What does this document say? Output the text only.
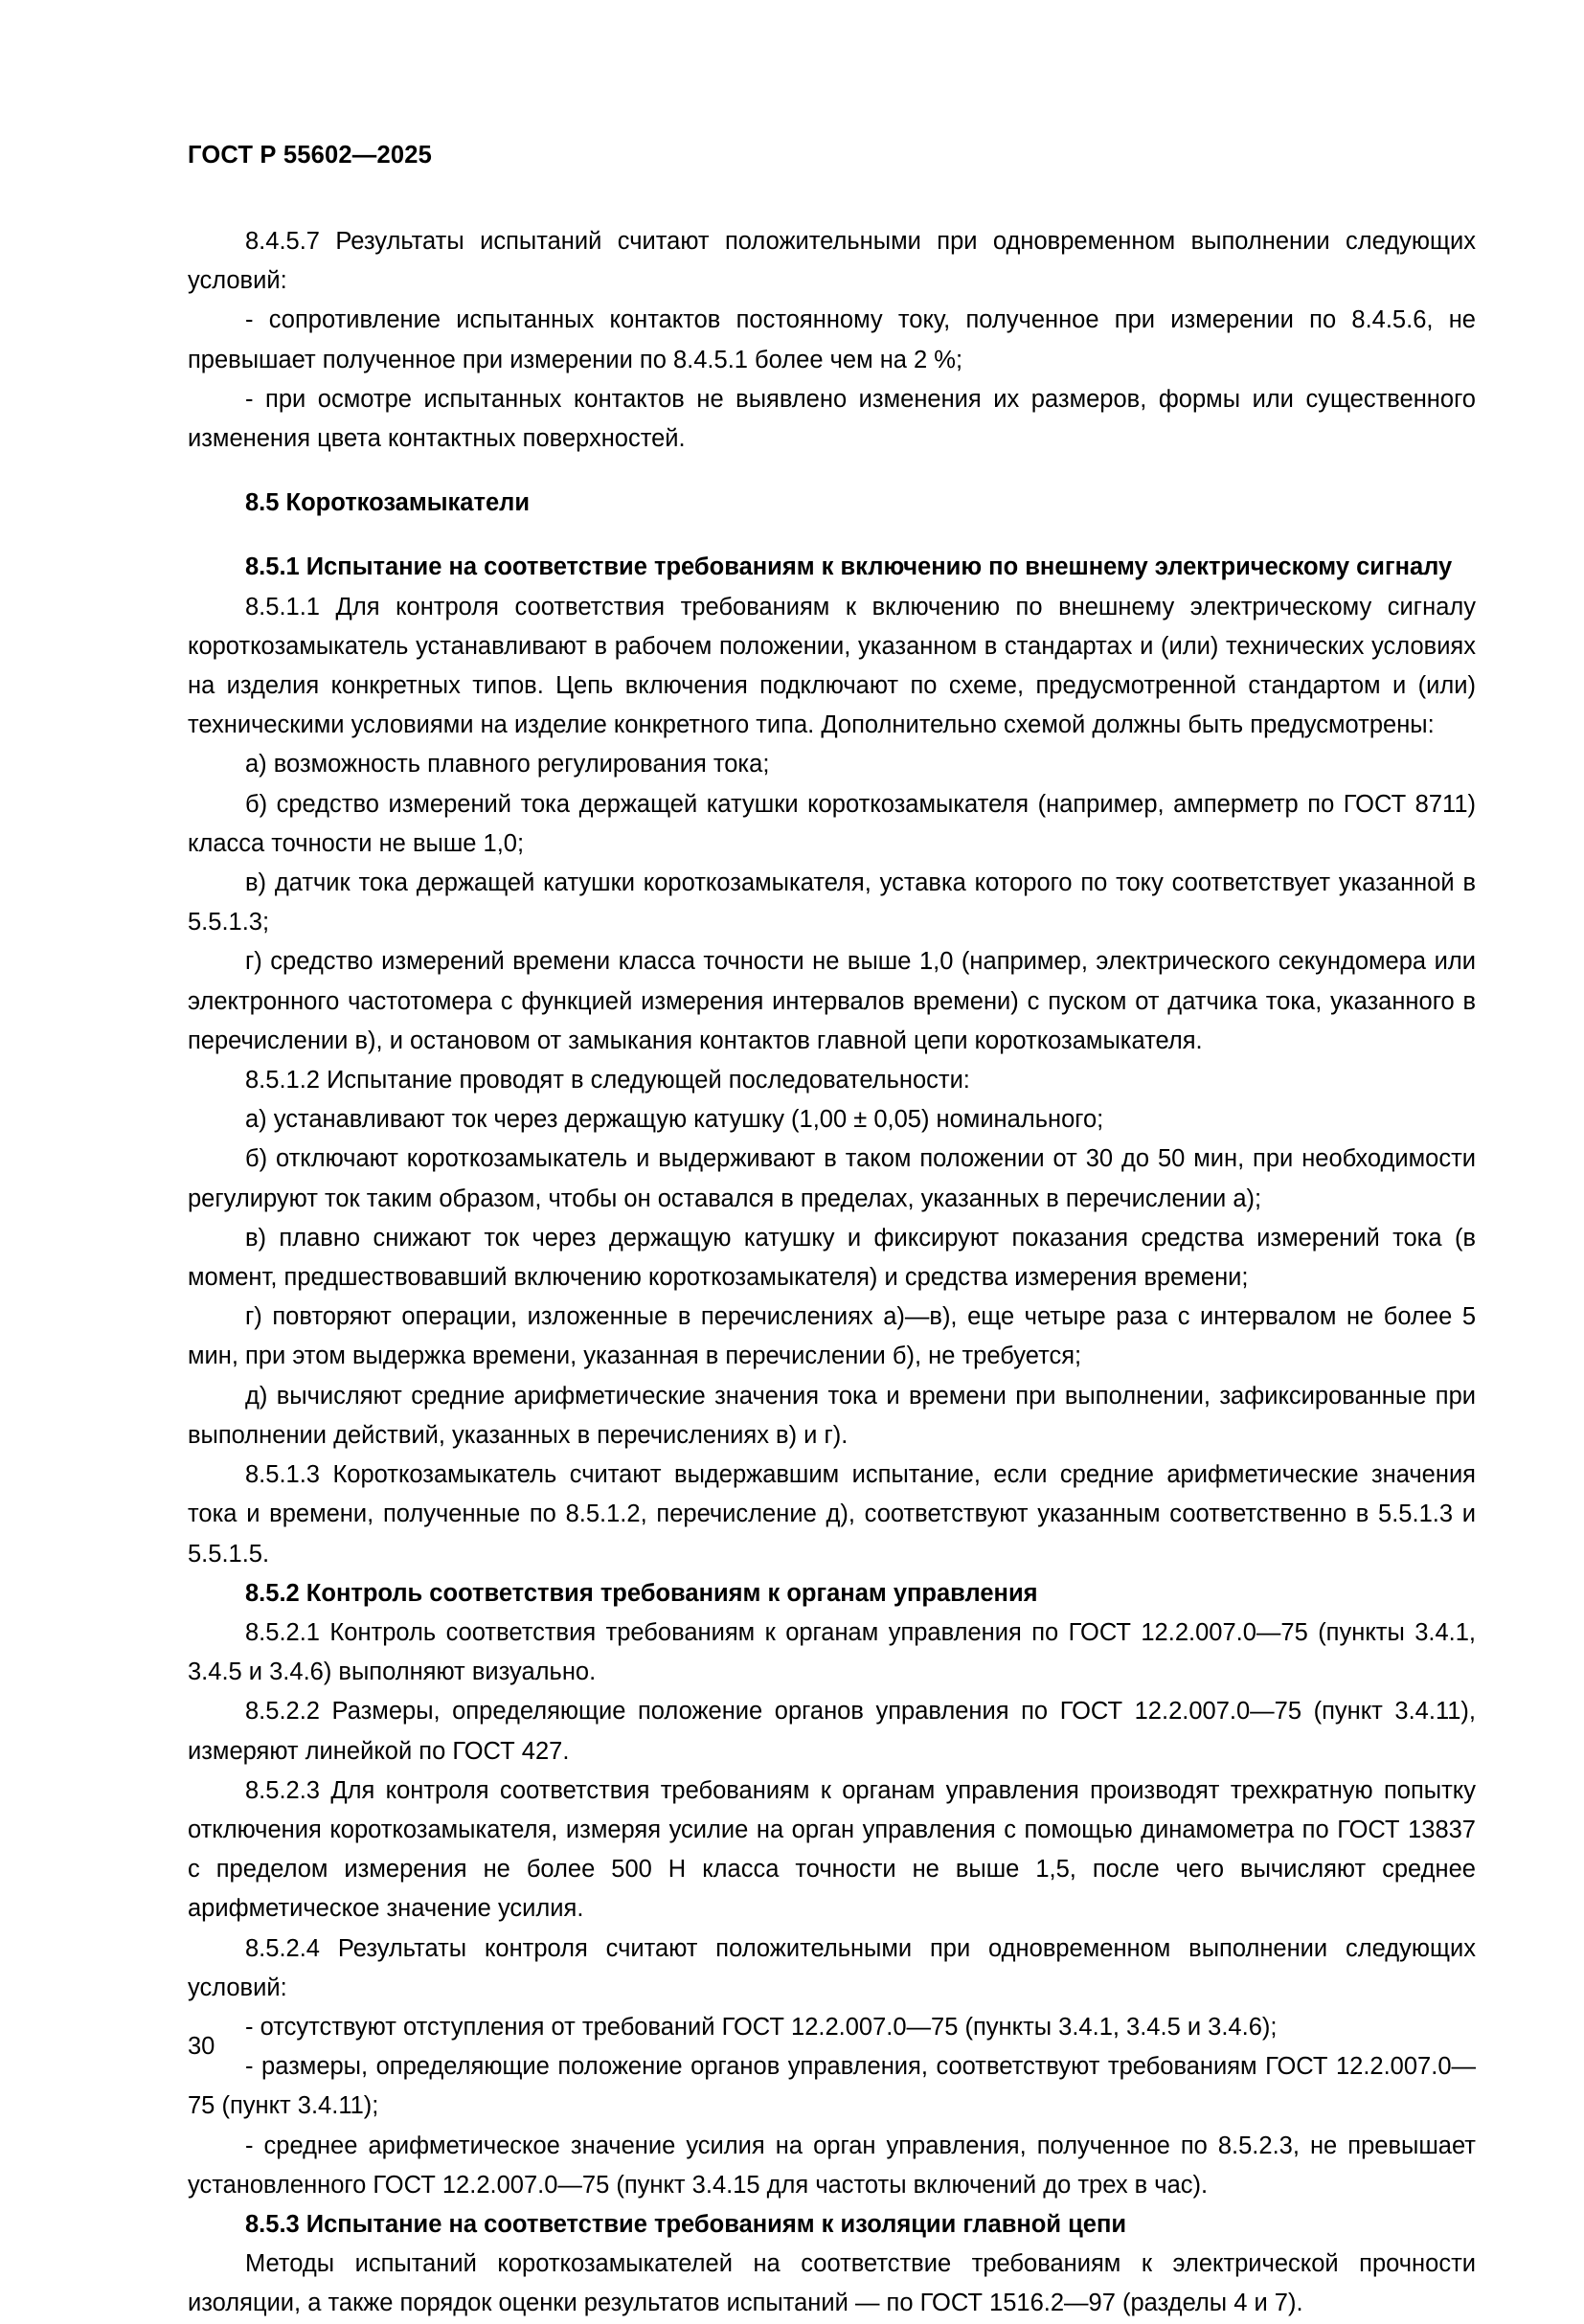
ГОСТ Р 55602—2025

8.4.5.7 Результаты испытаний считают положительными при одновременном выполнении следующих условий:

- сопротивление испытанных контактов постоянному току, полученное при измерении по 8.4.5.6, не превышает полученное при измерении по 8.4.5.1 более чем на 2 %;

- при осмотре испытанных контактов не выявлено изменения их размеров, формы или существенного изменения цвета контактных поверхностей.

8.5 Короткозамыкатели

8.5.1 Испытание на соответствие требованиям к включению по внешнему электрическому сигналу

8.5.1.1 Для контроля соответствия требованиям к включению по внешнему электрическому сигналу короткозамыкатель устанавливают в рабочем положении, указанном в стандартах и (или) технических условиях на изделия конкретных типов. Цепь включения подключают по схеме, предусмотренной стандартом и (или) техническими условиями на изделие конкретного типа. Дополнительно схемой должны быть предусмотрены:

а) возможность плавного регулирования тока;

б) средство измерений тока держащей катушки короткозамыкателя (например, амперметр по ГОСТ 8711) класса точности не выше 1,0;

в) датчик тока держащей катушки короткозамыкателя, уставка которого по току соответствует указанной в 5.5.1.3;

г) средство измерений времени класса точности не выше 1,0 (например, электрического секундомера или электронного частотомера с функцией измерения интервалов времени) с пуском от датчика тока, указанного в перечислении в), и остановом от замыкания контактов главной цепи короткозамыкателя.

8.5.1.2 Испытание проводят в следующей последовательности:

а) устанавливают ток через держащую катушку (1,00 ± 0,05) номинального;

б) отключают короткозамыкатель и выдерживают в таком положении от 30 до 50 мин, при необходимости регулируют ток таким образом, чтобы он оставался в пределах, указанных в перечислении а);

в) плавно снижают ток через держащую катушку и фиксируют показания средства измерений тока (в момент, предшествовавший включению короткозамыкателя) и средства измерения времени;

г) повторяют операции, изложенные в перечислениях а)—в), еще четыре раза с интервалом не более 5 мин, при этом выдержка времени, указанная в перечислении б), не требуется;

д) вычисляют средние арифметические значения тока и времени при выполнении, зафиксированные при выполнении действий, указанных в перечислениях в) и г).

8.5.1.3 Короткозамыкатель считают выдержавшим испытание, если средние арифметические значения тока и времени, полученные по 8.5.1.2, перечисление д), соответствуют указанным соответственно в 5.5.1.3 и 5.5.1.5.

8.5.2 Контроль соответствия требованиям к органам управления

8.5.2.1 Контроль соответствия требованиям к органам управления по ГОСТ 12.2.007.0—75 (пункты 3.4.1, 3.4.5 и 3.4.6) выполняют визуально.

8.5.2.2 Размеры, определяющие положение органов управления по ГОСТ 12.2.007.0—75 (пункт 3.4.11), измеряют линейкой по ГОСТ 427.

8.5.2.3 Для контроля соответствия требованиям к органам управления производят трехкратную попытку отключения короткозамыкателя, измеряя усилие на орган управления с помощью динамометра по ГОСТ 13837 с пределом измерения не более 500 Н класса точности не выше 1,5, после чего вычисляют среднее арифметическое значение усилия.

8.5.2.4 Результаты контроля считают положительными при одновременном выполнении следующих условий:

- отсутствуют отступления от требований ГОСТ 12.2.007.0—75 (пункты 3.4.1, 3.4.5 и 3.4.6);

- размеры, определяющие положение органов управления, соответствуют требованиям ГОСТ 12.2.007.0—75 (пункт 3.4.11);

- среднее арифметическое значение усилия на орган управления, полученное по 8.5.2.3, не превышает установленного ГОСТ 12.2.007.0—75 (пункт 3.4.15 для частоты включений до трех в час).

8.5.3 Испытание на соответствие требованиям к изоляции главной цепи

Методы испытаний короткозамыкателей на соответствие требованиям к электрической прочности изоляции, а также порядок оценки результатов испытаний — по ГОСТ 1516.2—97 (разделы 4 и 7).

30
